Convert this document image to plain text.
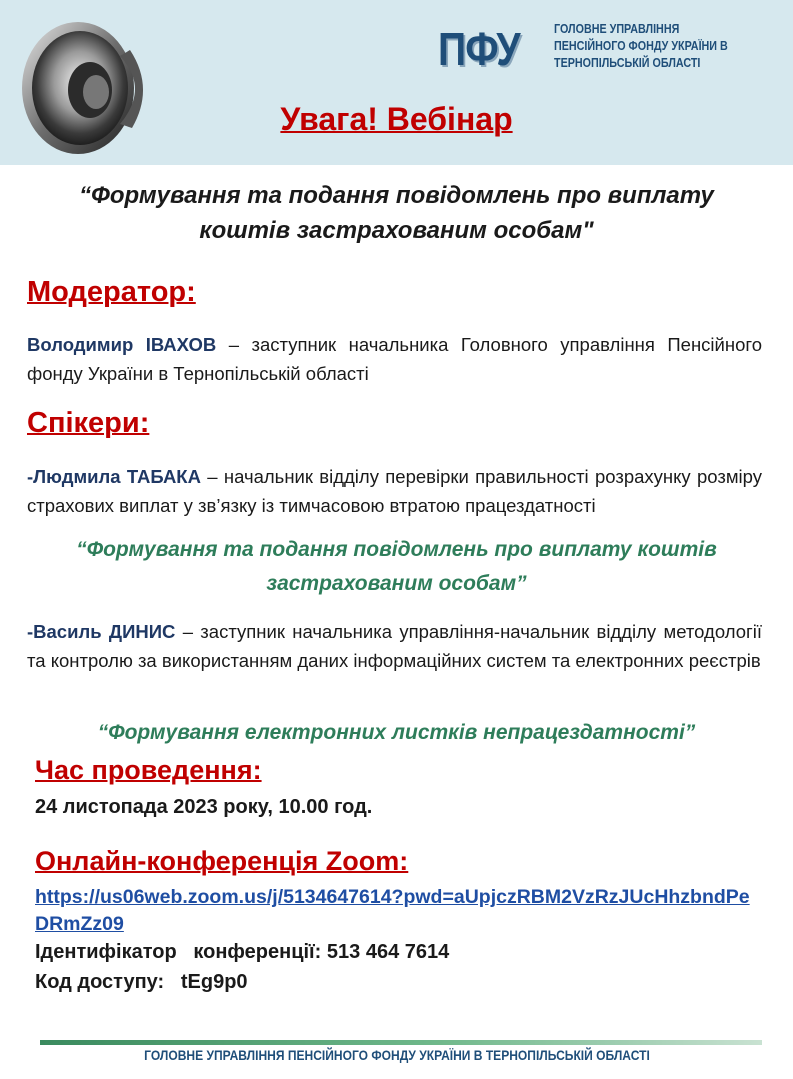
ПФУ	ГОЛОВНЕ УПРАВЛІННЯ
ПЕНСІЙНОГО ФОНДУ УКРАЇНИ В
ТЕРНОПІЛЬСЬКІЙ ОБЛАСТІ
Увага! Вебінар
“Формування та подання повідомлень про виплату коштів застрахованим особам"
Модератор:
Володимир ІВАХОВ – заступник начальника Головного управління Пенсійного фонду України в Тернопільській області
Спікери:
-Людмила ТАБАКА – начальник відділу перевірки правильності розрахунку розміру страхових виплат у зв’язку із тимчасовою втратою працездатності
“Формування та подання повідомлень про виплату коштів застрахованим особам”
-Василь ДИНИС – заступник начальника управління-начальник відділу методології та контролю за використанням даних інформаційних систем та електронних реєстрів
“Формування електронних листків непрацездатності”
Час проведення:
24 листопада 2023 року, 10.00 год.
Онлайн-конференція Zoom:
https://us06web.zoom.us/j/5134647614?pwd=aUpjczRBM2VzRzJUcHhzbndPeDRmZz09
Ідентифікатор   конференції: 513 464 7614
Код доступу:   tEg9p0
ГОЛОВНЕ УПРАВЛІННЯ ПЕНСІЙНОГО ФОНДУ УКРАЇНИ В ТЕРНОПІЛЬСЬКІЙ ОБЛАСТІ
